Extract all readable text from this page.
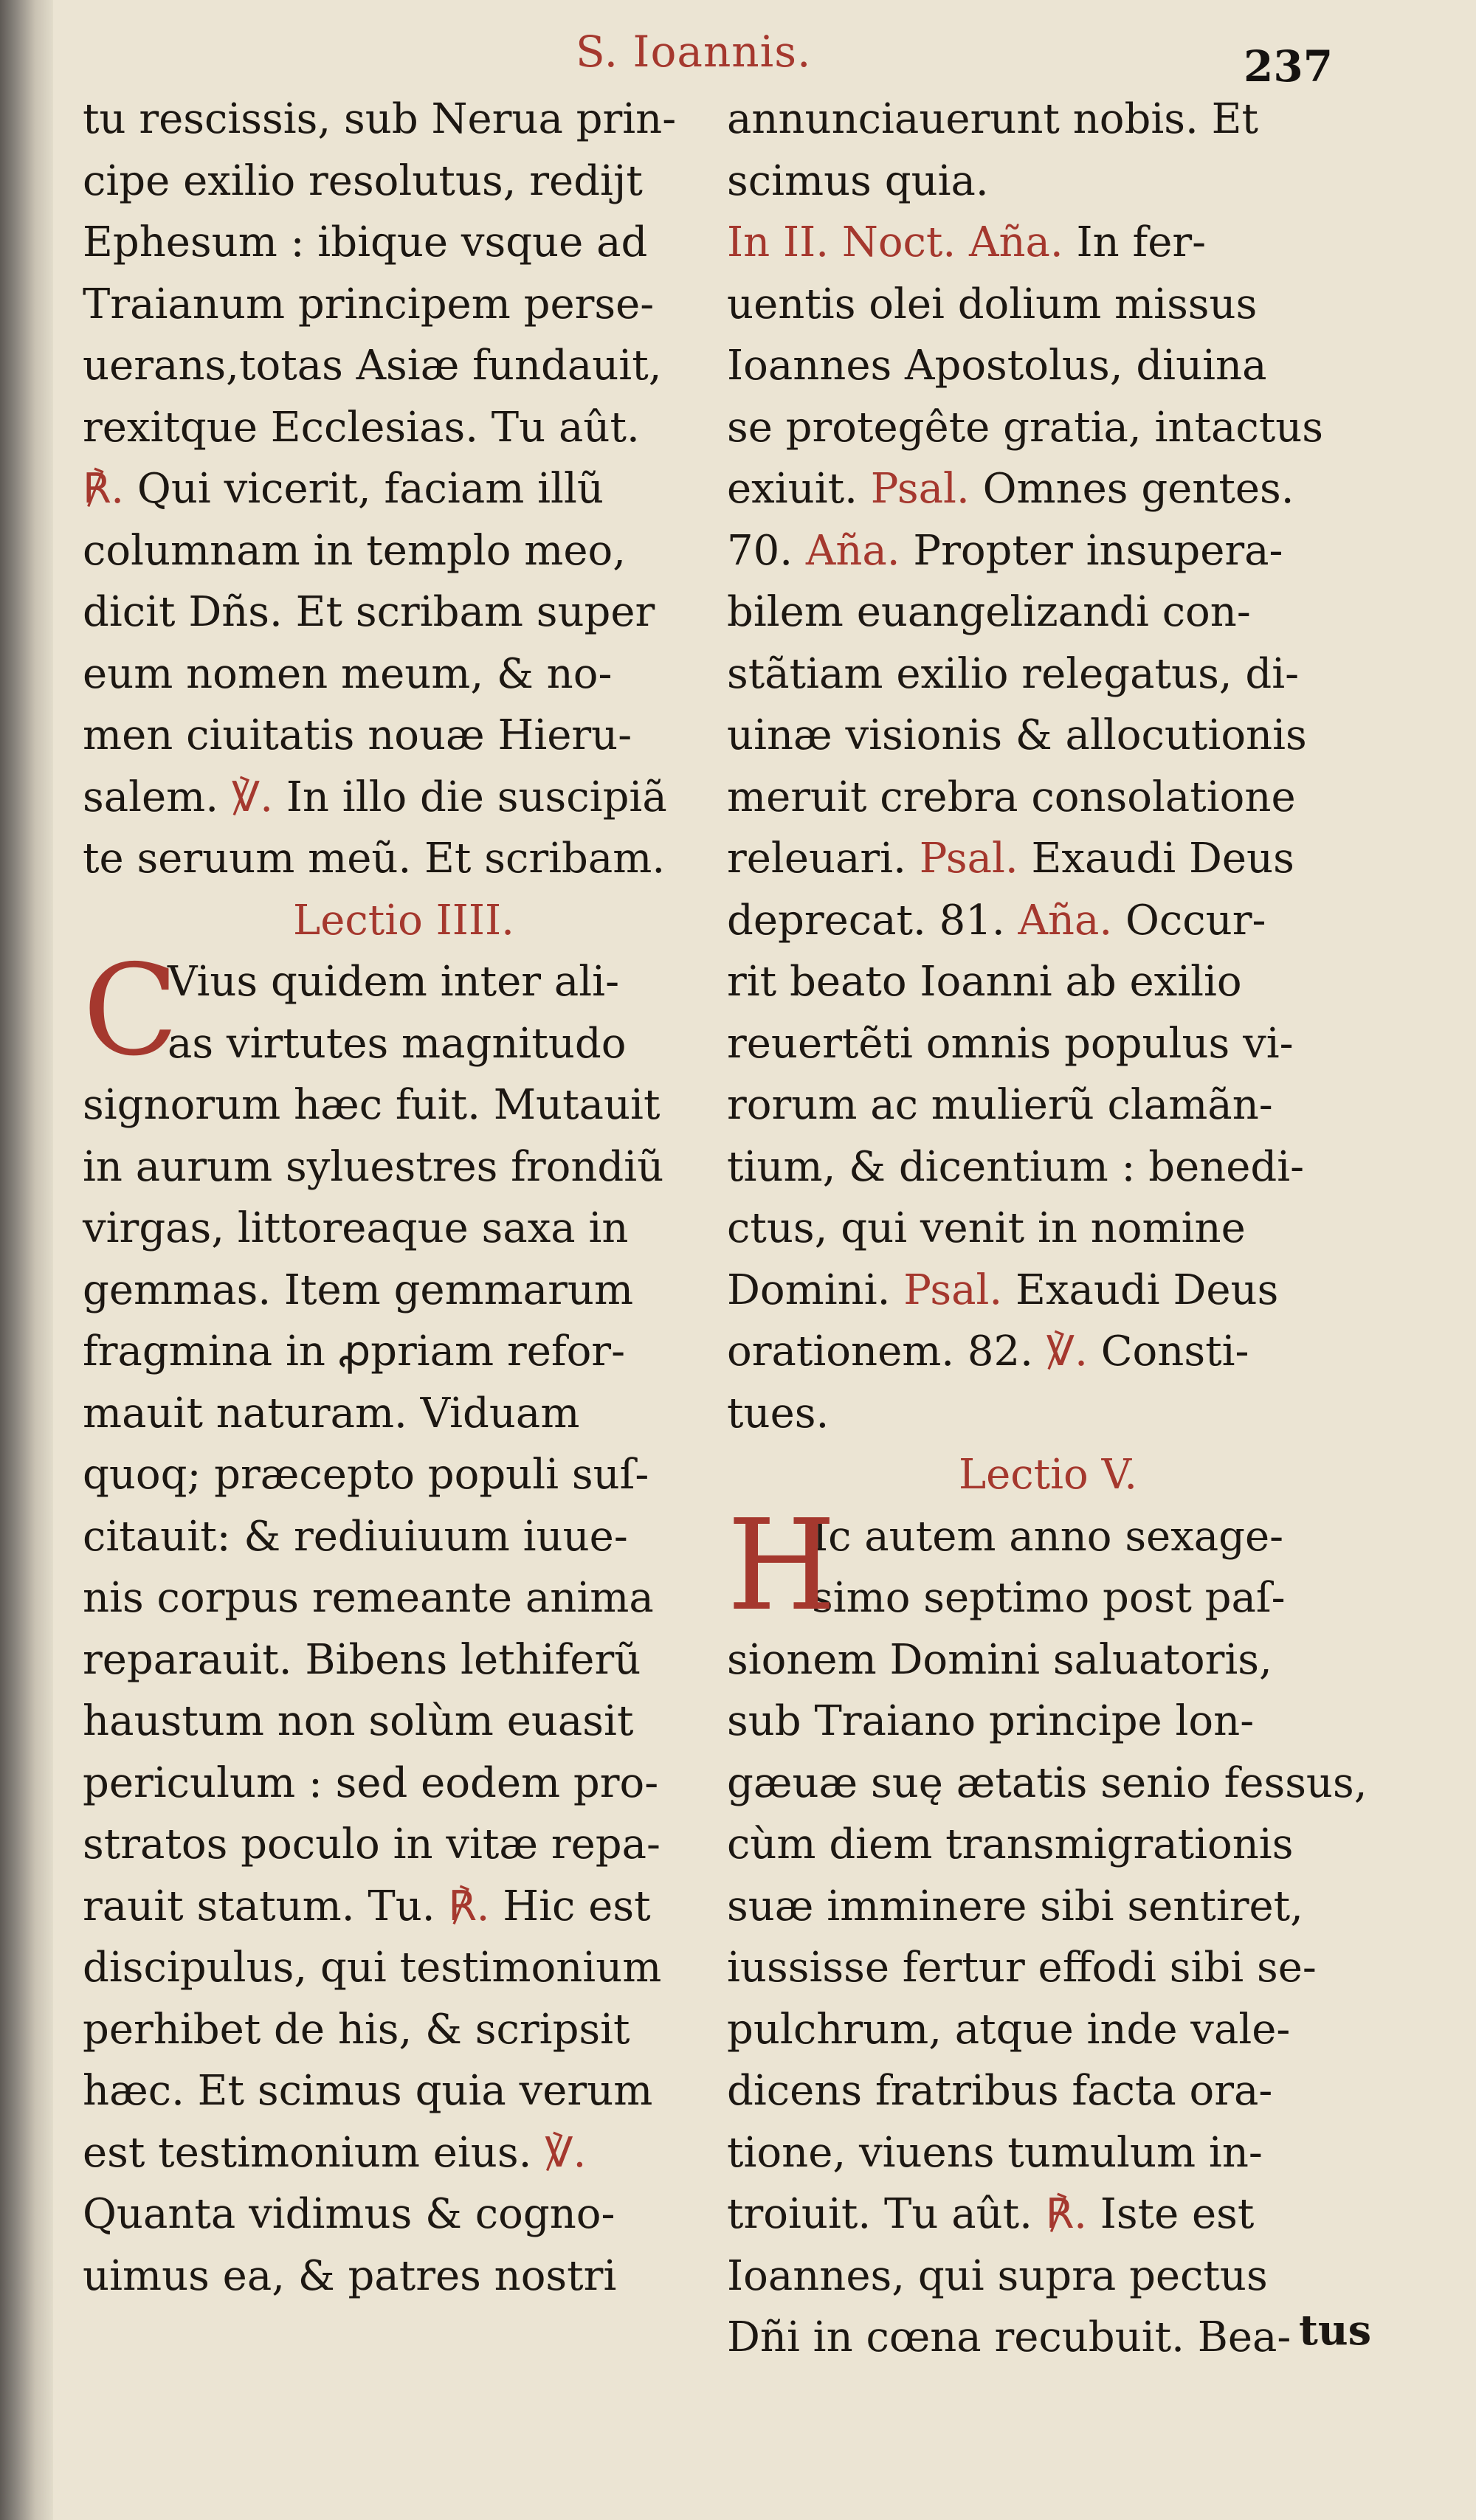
S. Ioannis.	237
tu rescissis, sub Nerua prin-
cipe exilio resolutus, redijt
Ephesum : ibique vsque ad
Traianum principem perse-
uerans,totas Asiæ fundauit,
rexitque Ecclesias. Tu aût.
℟. Qui vicerit, faciam illũ
columnam in templo meo,
dicit Dñs. Et scribam super
eum nomen meum, & no-
men ciuitatis nouæ Hieru-
salem. ℣. In illo die suscipiã
te seruum meũ. Et scribam.
Lectio IIII.
C
Vius quidem inter ali-
as virtutes magnitudo
signorum hæc fuit. Mutauit
in aurum syluestres frondiũ
virgas, littoreaque saxa in
gemmas. Item gemmarum
fragmina in ꝓpriam refor-
mauit naturam. Viduam
quoq; præcepto populi suſ-
citauit: & rediuiuum iuue-
nis corpus remeante anima
reparauit. Bibens lethiferũ
haustum non solùm euasit
periculum : sed eodem pro-
stratos poculo in vitæ repa-
rauit statum. Tu. ℟. Hic est
discipulus, qui testimonium
perhibet de his, & scripsit
hæc. Et scimus quia verum
est testimonium eius. ℣.
Quanta vidimus & cogno-
uimus ea, & patres nostri
annunciauerunt nobis. Et
scimus quia.
In II. Noct. Aña. In fer-
uentis olei dolium missus
Ioannes Apostolus, diuina
se protegête gratia, intactus
exiuit. Psal. Omnes gentes.
70. Aña. Propter insupera-
bilem euangelizandi con-
stãtiam exilio relegatus, di-
uinæ visionis & allocutionis
meruit crebra consolatione
releuari. Psal. Exaudi Deus
deprecat. 81. Aña. Occur-
rit beato Ioanni ab exilio
reuertẽti omnis populus vi-
rorum ac mulierũ clamãn-
tium, & dicentium : benedi-
ctus, qui venit in nomine
Domini. Psal. Exaudi Deus
orationem. 82. ℣. Consti-
tues.
Lectio V.
H
Ic autem anno sexage-
simo septimo post paſ-
sionem Domini saluatoris,
sub Traiano principe lon-
gæuæ suę ætatis senio fessus,
cùm diem transmigrationis
suæ imminere sibi sentiret,
iussisse fertur effodi sibi se-
pulchrum, atque inde vale-
dicens fratribus facta ora-
tione, viuens tumulum in-
troiuit. Tu aût. ℟. Iste est
Ioannes, qui supra pectus
Dñi in cœna recubuit. Bea- tus
